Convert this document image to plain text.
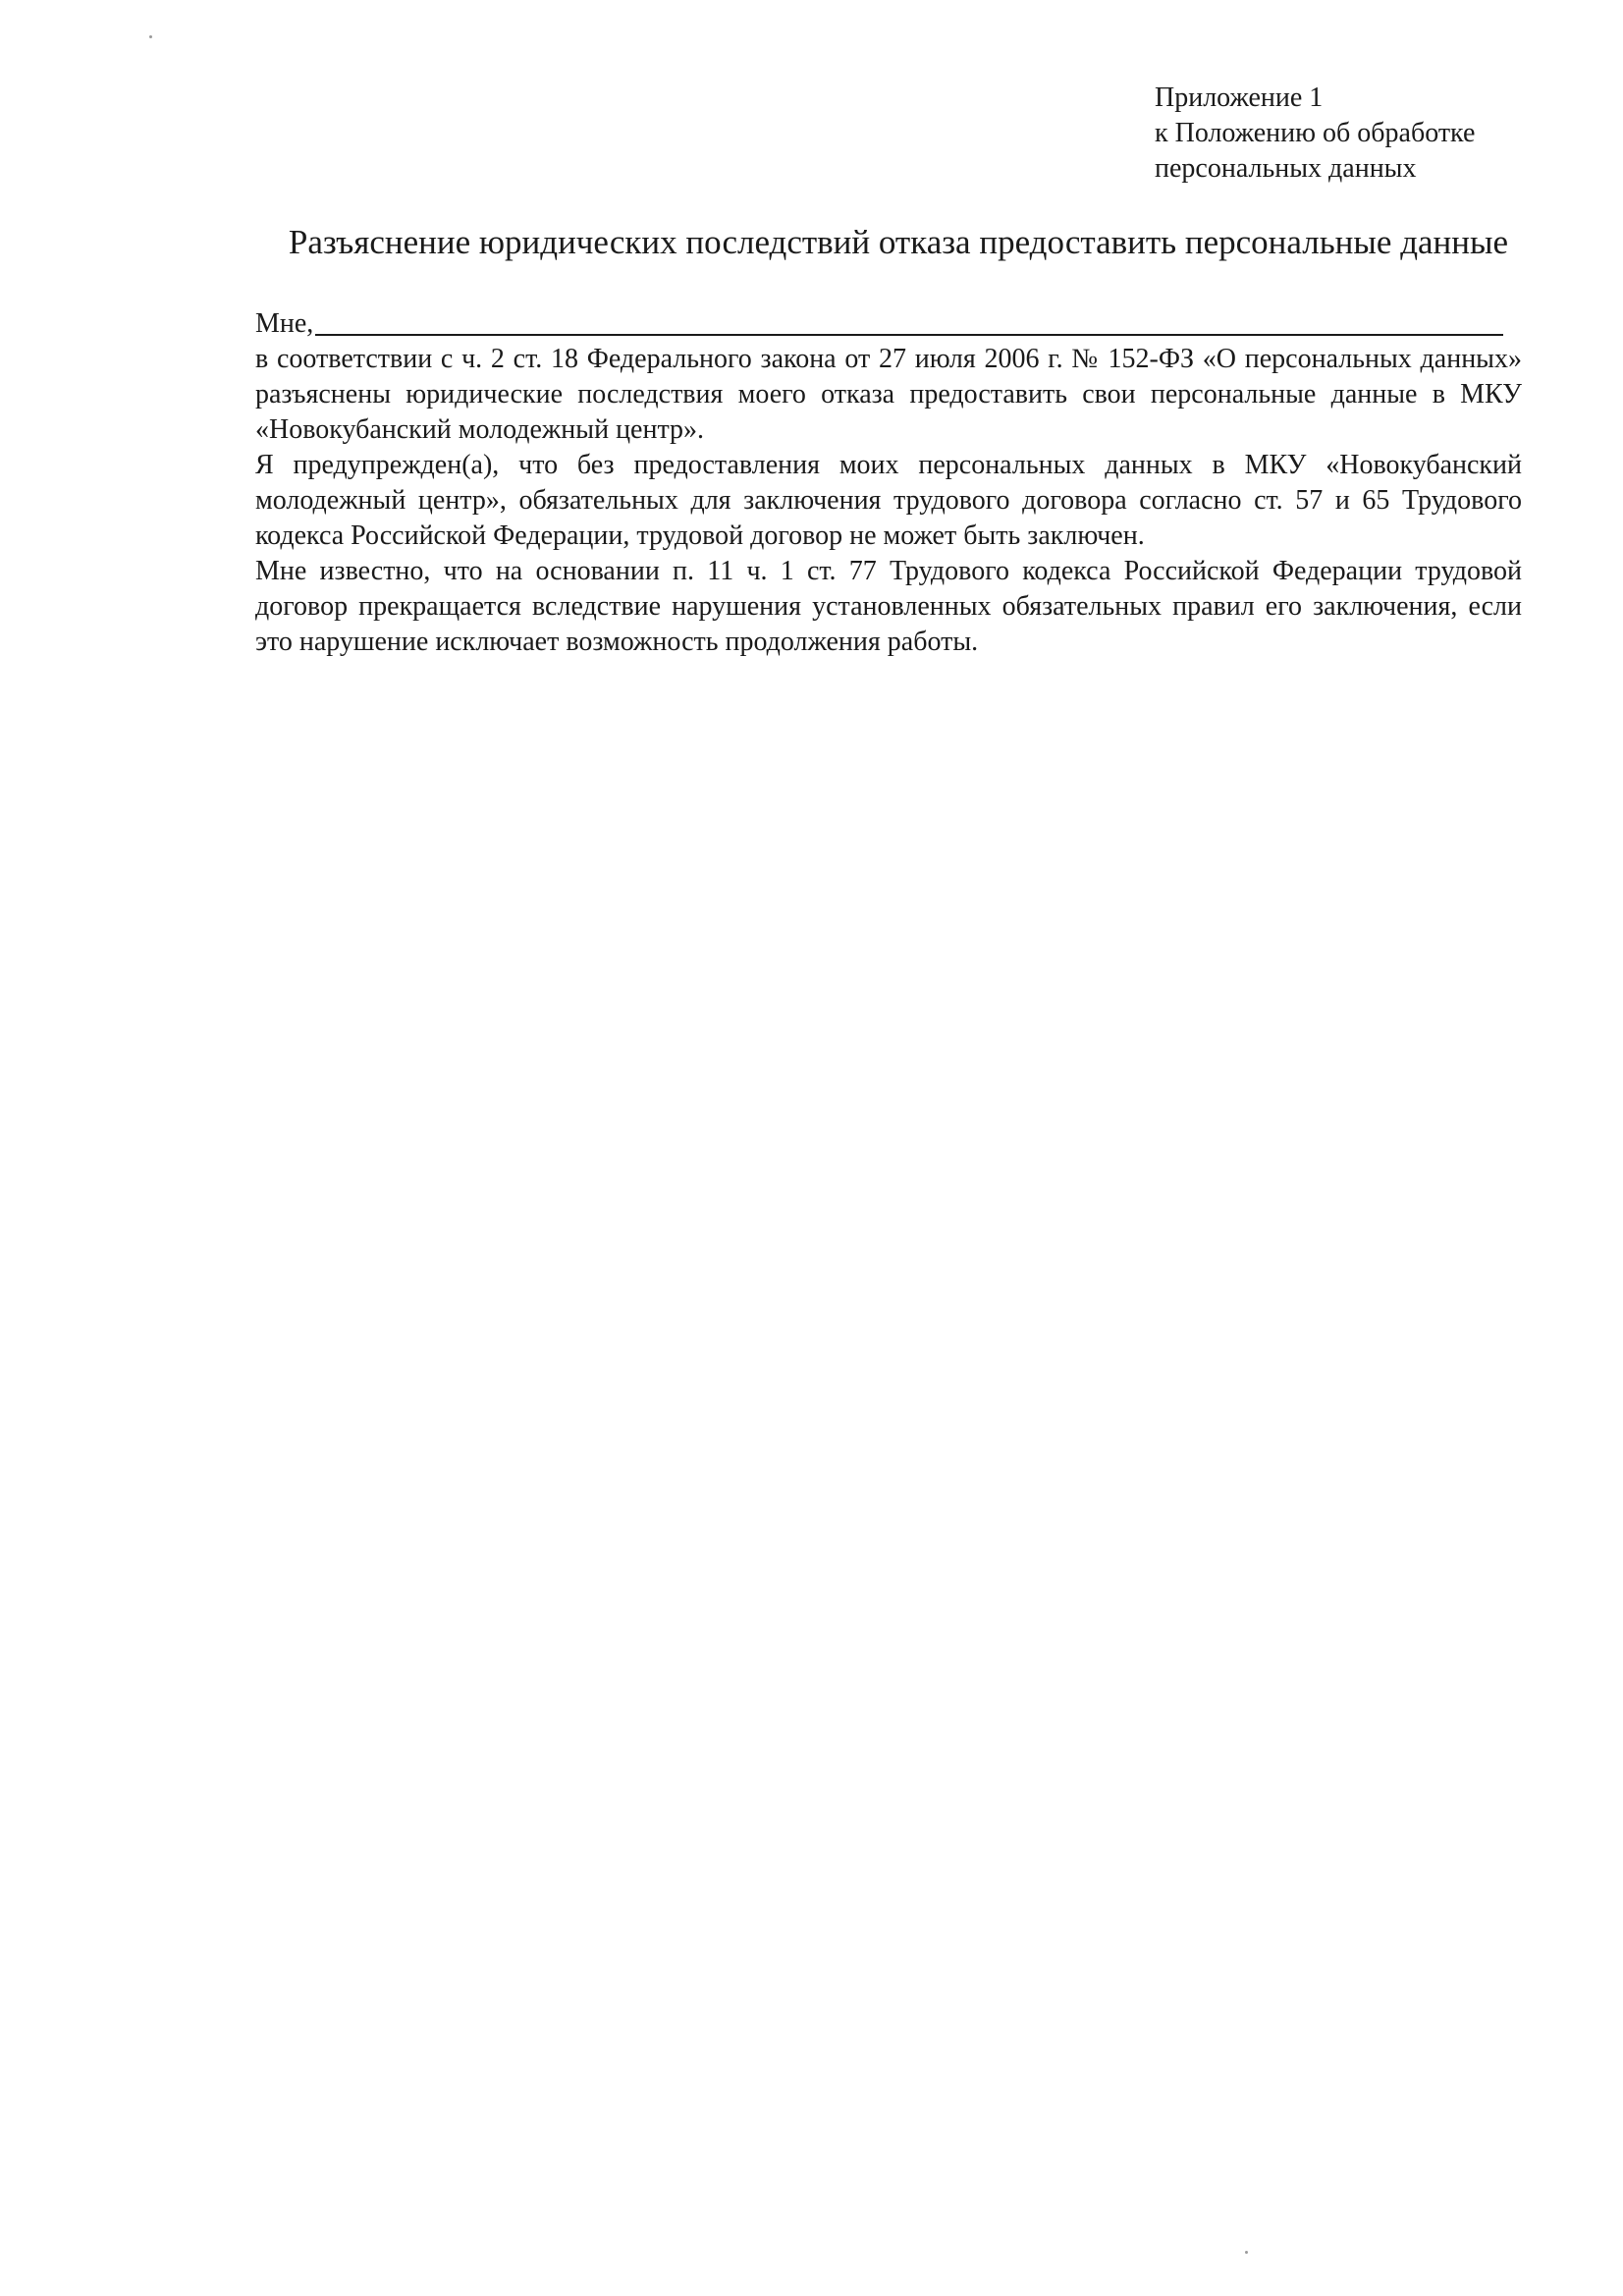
Приложение 1
к Положению об обработке
персональных данных
Разъяснение юридических последствий отказа предоставить персональные данные
Мне,

в соответствии с ч. 2 ст. 18 Федерального закона от 27 июля 2006 г. № 152-ФЗ «О персональных данных» разъяснены юридические последствия моего отказа предоставить свои персональные данные в МКУ «Новокубанский молодежный центр».

Я предупрежден(а), что без предоставления моих персональных данных в МКУ «Новокубанский молодежный центр», обязательных для заключения трудового договора согласно ст. 57 и 65 Трудового кодекса Российской Федерации, трудовой договор не может быть заключен.

Мне известно, что на основании п. 11 ч. 1 ст. 77 Трудового кодекса Российской Федерации трудовой договор прекращается вследствие нарушения установленных обязательных правил его заключения, если это нарушение исключает возможность продолжения работы.
